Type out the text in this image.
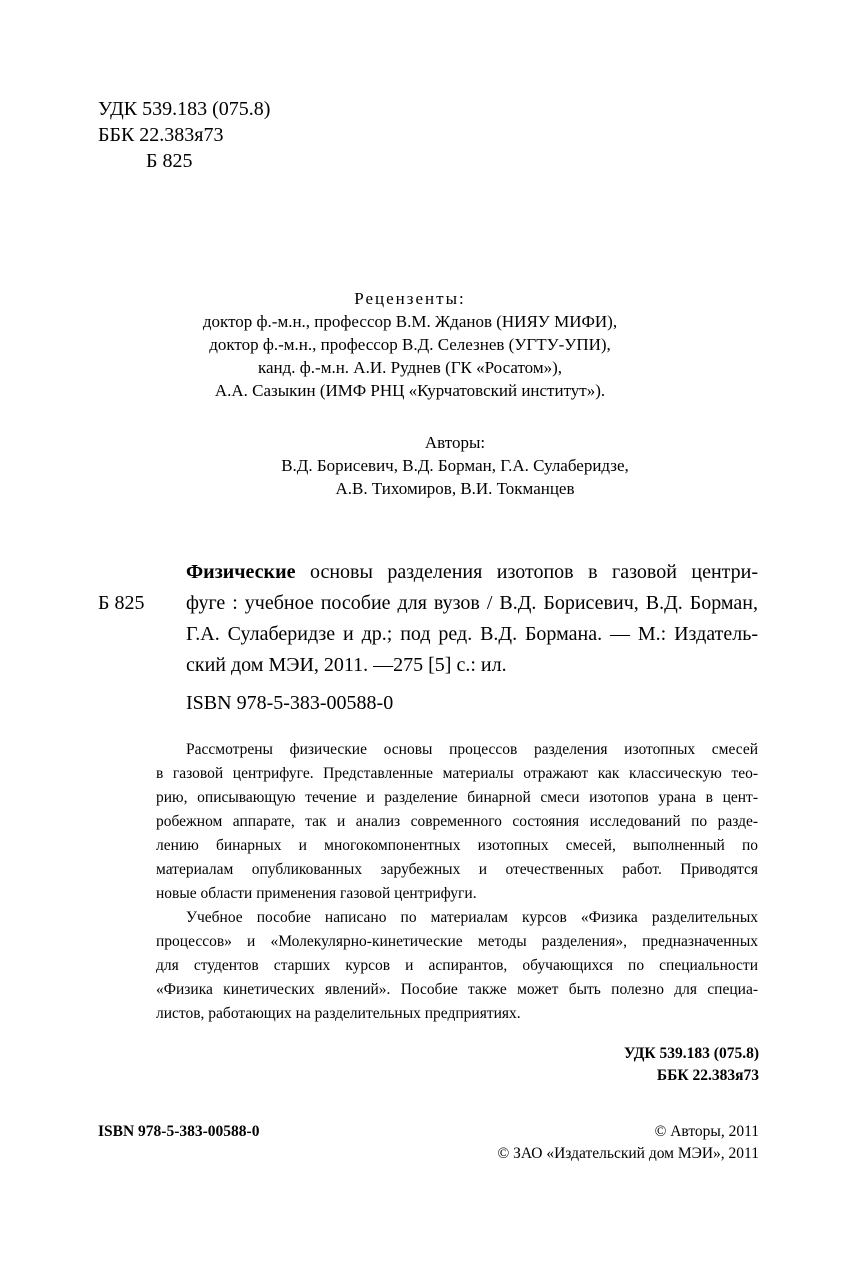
УДК 539.183 (075.8)
ББК 22.383я73
Б 825
Рецензенты:
доктор ф.-м.н., профессор В.М. Жданов (НИЯУ МИФИ),
доктор ф.-м.н., профессор В.Д. Селезнев (УГТУ-УПИ),
канд. ф.-м.н. А.И. Руднев (ГК «Росатом»),
А.А. Сазыкин (ИМФ РНЦ «Курчатовский институт»).
Авторы:
В.Д. Борисевич, В.Д. Борман, Г.А. Сулаберидзе,
А.В. Тихомиров, В.И. Токманцев
Б 825
Физические основы разделения изотопов в газовой центри-
фуге : учебное пособие для вузов / В.Д. Борисевич, В.Д. Борман,
Г.А. Сулаберидзе и др.; под ред. В.Д. Бормана. — М.: Издатель-
ский дом МЭИ, 2011. —275 [5] с.: ил.
ISBN 978-5-383-00588-0
Рассмотрены физические основы процессов разделения изотопных смесей
в газовой центрифуге. Представленные материалы отражают как классическую тео-
рию, описывающую течение и разделение бинарной смеси изотопов урана в цент-
робежном аппарате, так и анализ современного состояния исследований по разде-
лению бинарных и многокомпонентных изотопных смесей, выполненный по
материалам опубликованных зарубежных и отечественных работ. Приводятся
новые области применения газовой центрифуги.
Учебное пособие написано по материалам курсов «Физика разделительных
процессов» и «Молекулярно-кинетические методы разделения», предназначенных
для студентов старших курсов и аспирантов, обучающихся по специальности
«Физика кинетических явлений». Пособие также может быть полезно для специа-
листов, работающих на разделительных предприятиях.
УДК 539.183 (075.8)
ББК 22.383я73
ISBN 978-5-383-00588-0	© Авторы, 2011
© ЗАО «Издательский дом МЭИ», 2011
